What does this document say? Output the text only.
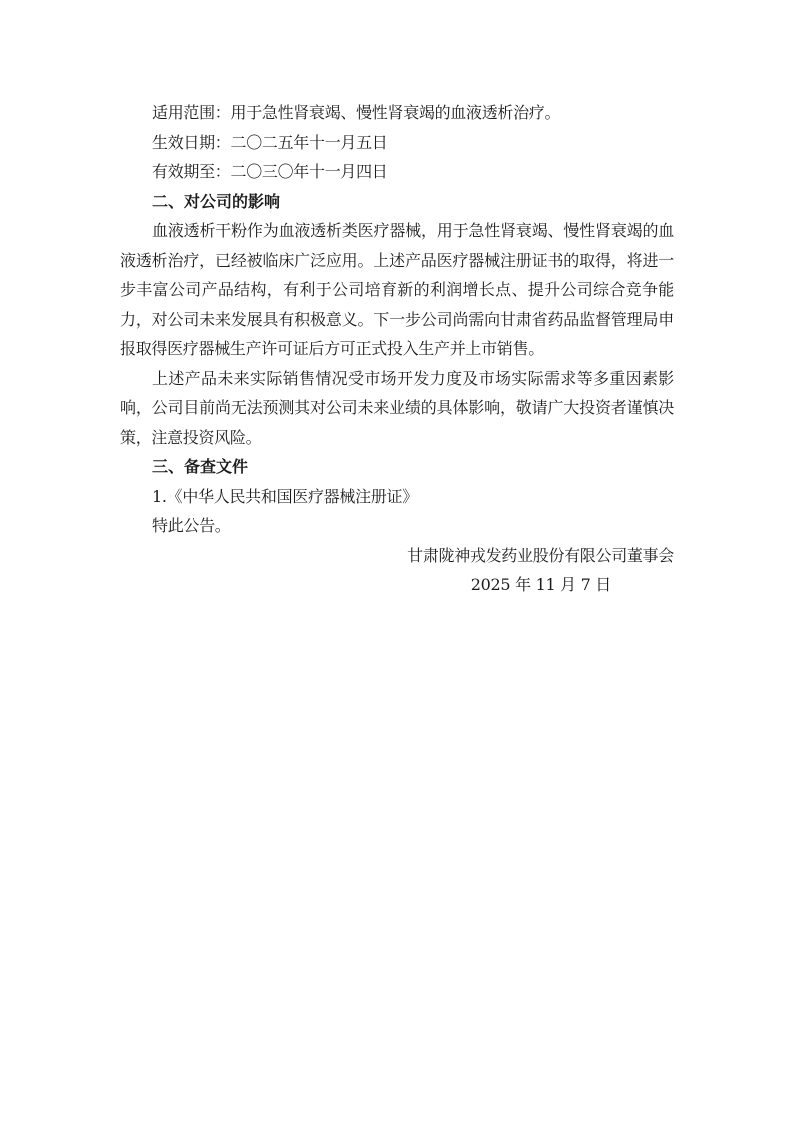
适用范围：用于急性肾衰竭、慢性肾衰竭的血液透析治疗。

生效日期：二〇二五年十一月五日

有效期至：二〇三〇年十一月四日

二、对公司的影响

血液透析干粉作为血液透析类医疗器械，用于急性肾衰竭、慢性肾衰竭的血液透析治疗，已经被临床广泛应用。上述产品医疗器械注册证书的取得，将进一步丰富公司产品结构，有利于公司培育新的利润增长点、提升公司综合竞争能力，对公司未来发展具有积极意义。下一步公司尚需向甘肃省药品监督管理局申报取得医疗器械生产许可证后方可正式投入生产并上市销售。

上述产品未来实际销售情况受市场开发力度及市场实际需求等多重因素影响，公司目前尚无法预测其对公司未来业绩的具体影响，敬请广大投资者谨慎决策，注意投资风险。

三、备查文件

1.《中华人民共和国医疗器械注册证》

特此公告。

甘肃陇神戎发药业股份有限公司董事会

2025 年 11 月 7 日
